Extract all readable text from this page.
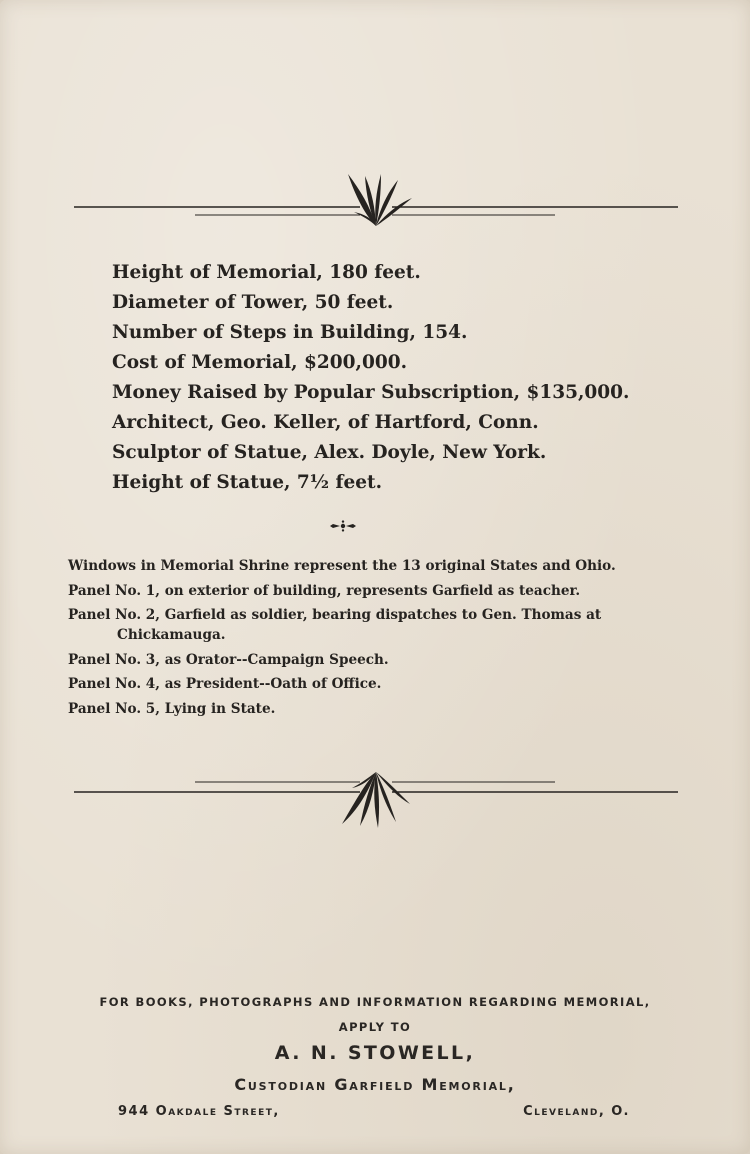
Height of Memorial, 180 feet.
Diameter of Tower, 50 feet.
Number of Steps in Building, 154.
Cost of Memorial, $200,000.
Money Raised by Popular Subscription, $135,000.
Architect, Geo. Keller, of Hartford, Conn.
Sculptor of Statue, Alex. Doyle, New York.
Height of Statue, 7½ feet.
Windows in Memorial Shrine represent the 13 original States and Ohio.
Panel No. 1, on exterior of building, represents Garfield as teacher.
Panel No. 2, Garfield as soldier, bearing dispatches to Gen. Thomas at
Chickamauga.
Panel No. 3, as Orator--Campaign Speech.
Panel No. 4, as President--Oath of Office.
Panel No. 5, Lying in State.
FOR BOOKS, PHOTOGRAPHS AND INFORMATION REGARDING MEMORIAL,
APPLY TO
A. N. STOWELL,
Custodian Garfield Memorial,
944 Oakdale Street,	Cleveland, O.
